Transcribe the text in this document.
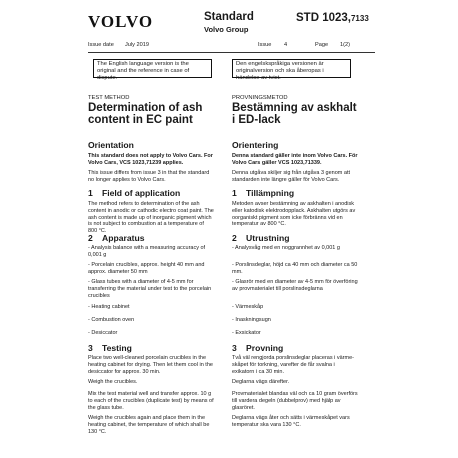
VOLVO	Standard
Volvo Group
STD 1023,7133
Issue date July 2019	Issue 4	Page 1(2)
The English language version is the original and the reference in case of dispute.
Den engelskspråkiga versionen är originalversion och ska åberopas i händelse av tvist.
TEST METHOD
Determination of ash content in EC paint
Orientation
This standard does not apply to Volvo Cars. For Volvo Cars, VCS 1023,71239 applies.
This issue differs from issue 3 in that the standard no longer applies to Volvo Cars.
1 Field of application
The method refers to determination of the ash content in anodic or cathodic electro coat paint. The ash content is made up of inorganic pigment which is not subject to combustion at a temperature of 800 °C.
2 Apparatus
- Analysis balance with a measuring accuracy of 0,001 g
- Porcelain crucibles, approx. height 40 mm and approx. diameter 50 mm
- Glass tubes with a diameter of 4-5 mm for transferring the material under test to the porcelain crucibles
- Heating cabinet
- Combustion oven
- Desiccator
3 Testing
Place two well-cleaned porcelain crucibles in the heating cabinet for drying. Then let them cool in the desiccator for approx. 30 min.
Weigh the crucibles.
Mix the test material well and transfer approx. 10 g to each of the crucibles (duplicate test) by means of the glass tube.
Weigh the crucibles again and place them in the heating cabinet, the temperature of which shall be 130 °C.
PROVNINGSMETOD
Bestämning av askhalt i ED-lack
Orientering
Denna standard gäller inte inom Volvo Cars. För Volvo Cars gäller VCS 1023,71339.
Denna utgåva skiljer sig från utgåva 3 genom att standarden inte längre gäller för Volvo Cars.
1 Tillämpning
Metoden avser bestämning av askhalten i anodisk eller katodisk elektrodopplack. Askhalten utgörs av oorganiskt pigment som icke förbränns vid en temperatur av 800 °C.
2 Utrustning
- Analysvåg med en noggrannhet av 0,001 g
- Porslinsdeglar, höjd ca 40 mm och diameter ca 50 mm.
- Glasrör med en diameter av 4-5 mm för överföring av provmaterialet till porslinsdeglarna
- Värmeskåp
- Inaskningsugn
- Exsickator
3 Provning
Två väl rengjorda porslinsdeglar placeras i värme-skåpet för torkning, varefter de får svalna i exikatorn i ca 30 min.
Deglarna vägs därefter.
Provmaterialet blandas väl och ca 10 gram överförs till vardera degeln (dubbelprov) med hjälp av glasröret.
Deglarna vägs åter och sätts i värmeskåpet vars temperatur ska vara 130 °C.
